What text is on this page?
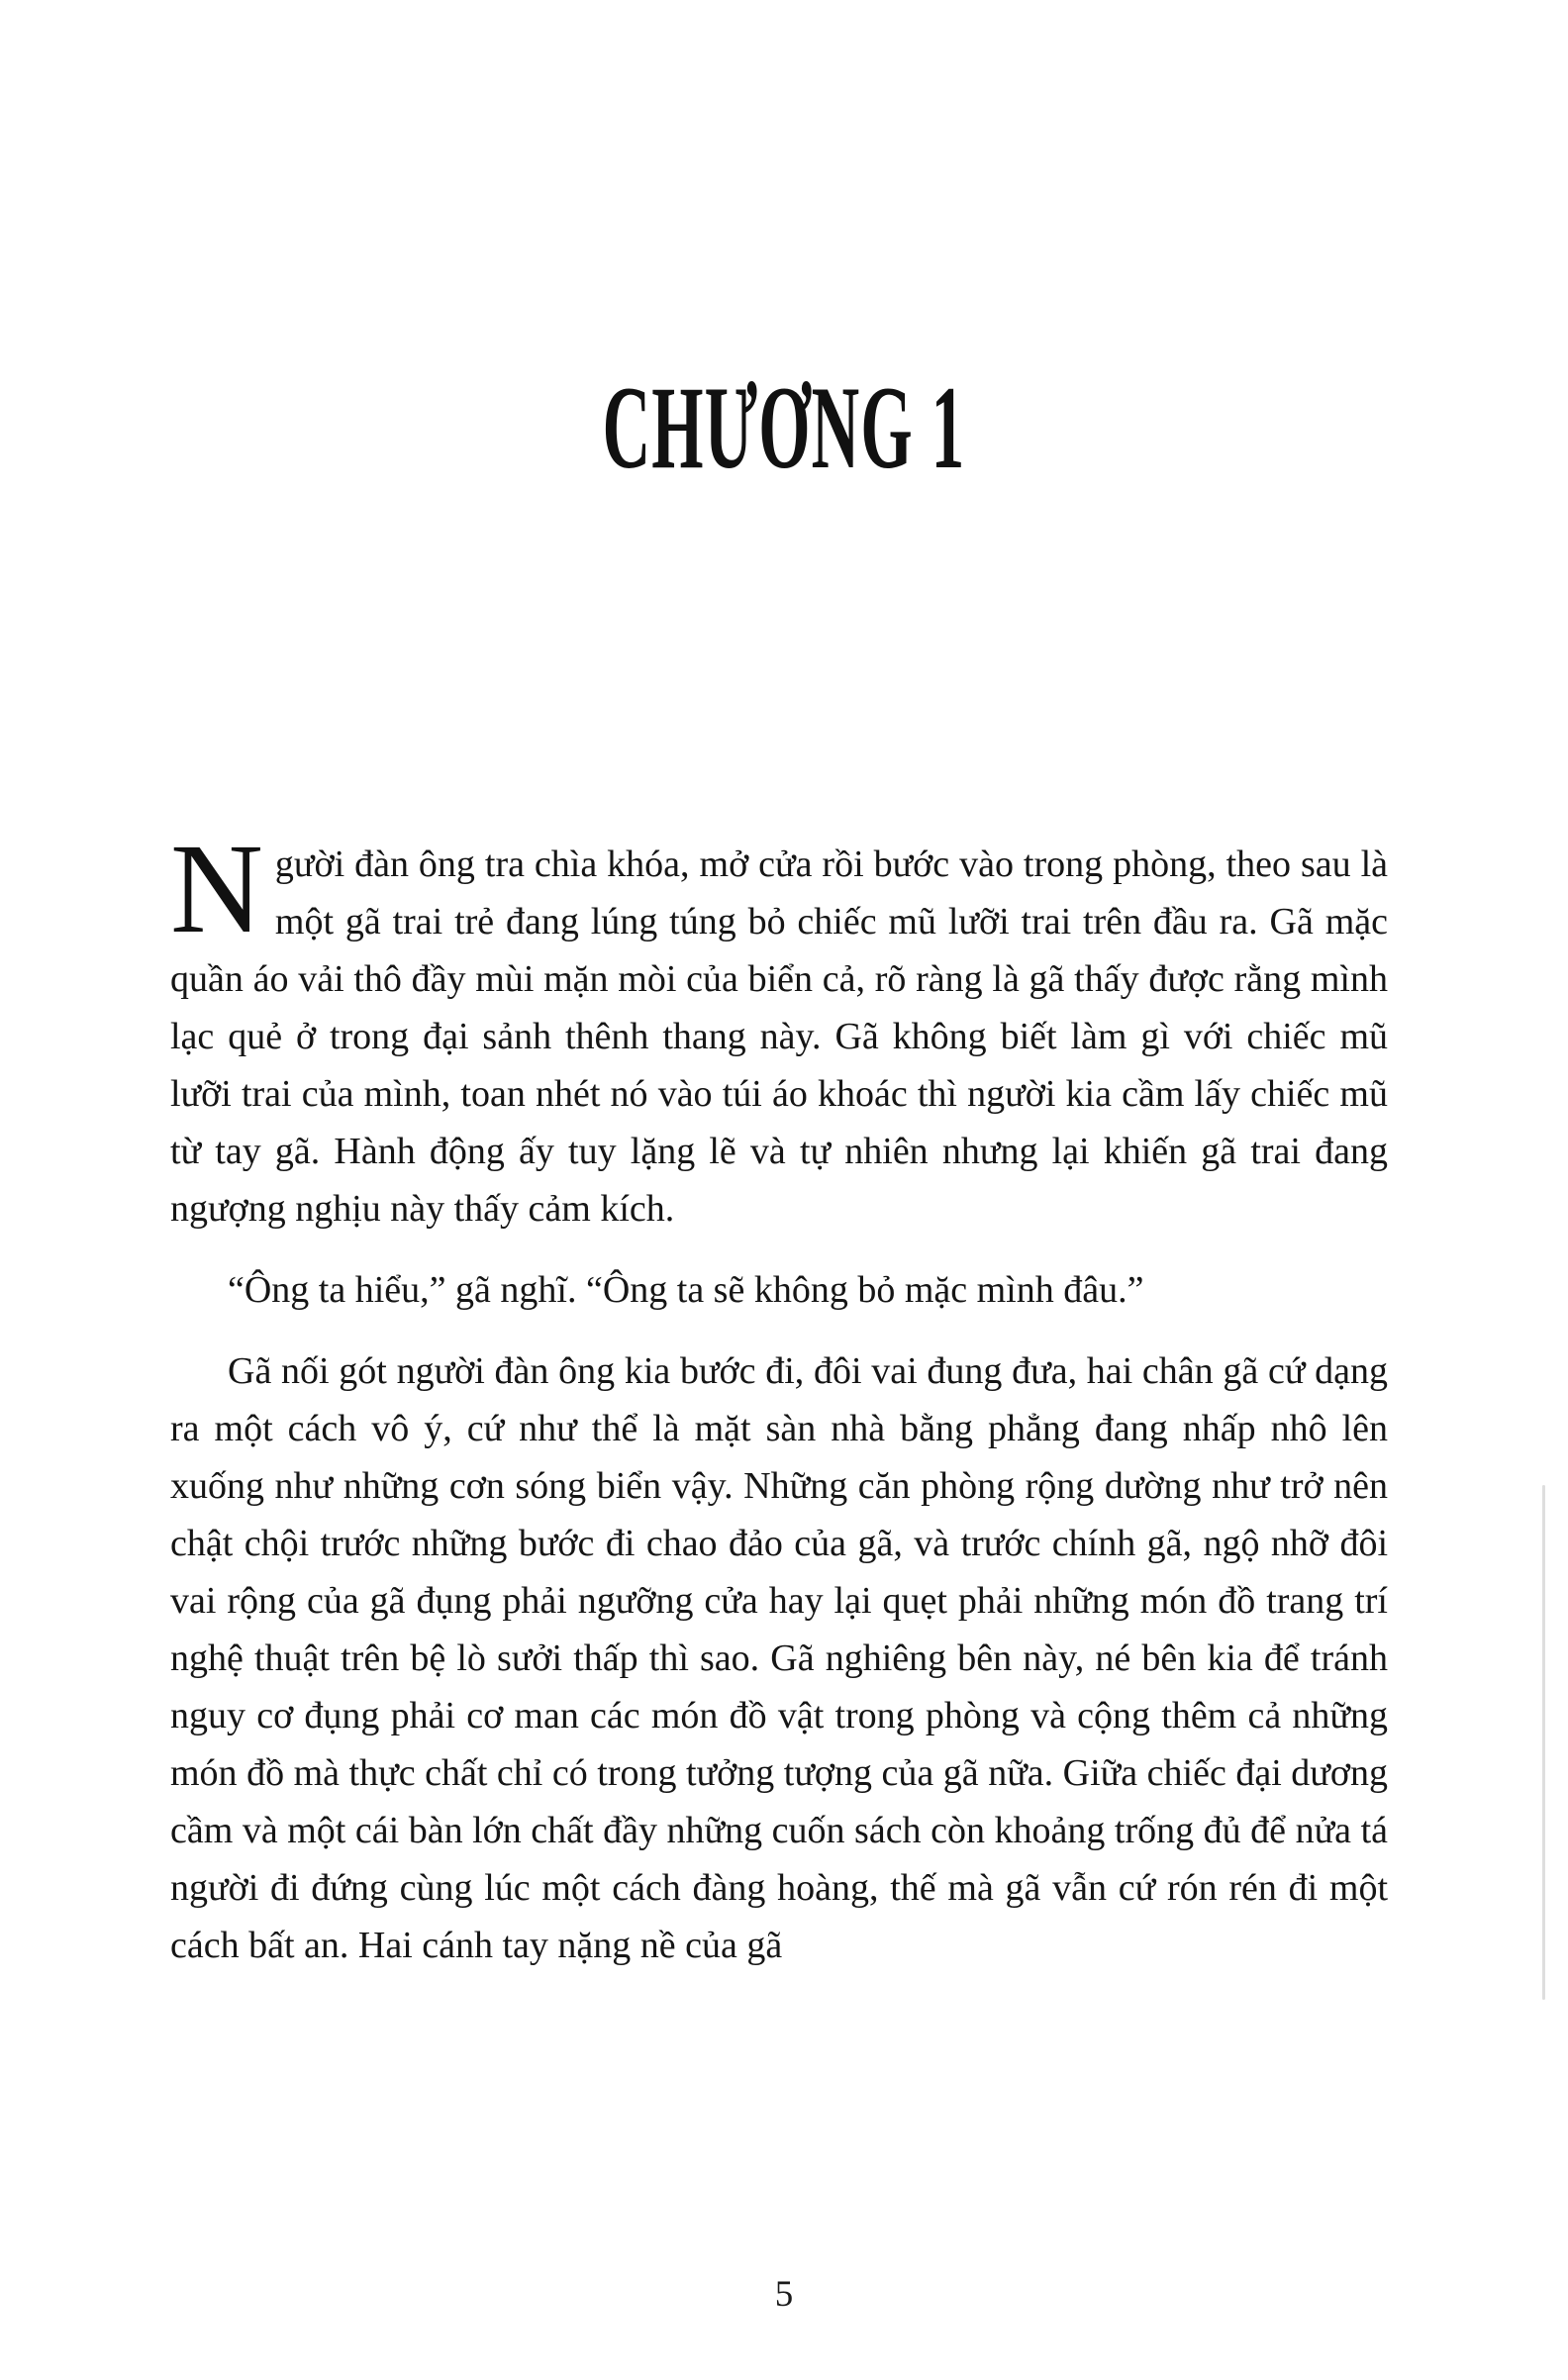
CHƯƠNG 1

Người đàn ông tra chìa khóa, mở cửa rồi bước vào trong phòng, theo sau là một gã trai trẻ đang lúng túng bỏ chiếc mũ lưỡi trai trên đầu ra. Gã mặc quần áo vải thô đầy mùi mặn mòi của biển cả, rõ ràng là gã thấy được rằng mình lạc quẻ ở trong đại sảnh thênh thang này. Gã không biết làm gì với chiếc mũ lưỡi trai của mình, toan nhét nó vào túi áo khoác thì người kia cầm lấy chiếc mũ từ tay gã. Hành động ấy tuy lặng lẽ và tự nhiên nhưng lại khiến gã trai đang ngượng nghịu này thấy cảm kích.

“Ông ta hiểu,” gã nghĩ. “Ông ta sẽ không bỏ mặc mình đâu.”

Gã nối gót người đàn ông kia bước đi, đôi vai đung đưa, hai chân gã cứ dạng ra một cách vô ý, cứ như thể là mặt sàn nhà bằng phẳng đang nhấp nhô lên xuống như những cơn sóng biển vậy. Những căn phòng rộng dường như trở nên chật chội trước những bước đi chao đảo của gã, và trước chính gã, ngộ nhỡ đôi vai rộng của gã đụng phải ngưỡng cửa hay lại quẹt phải những món đồ trang trí nghệ thuật trên bệ lò sưởi thấp thì sao. Gã nghiêng bên này, né bên kia để tránh nguy cơ đụng phải cơ man các món đồ vật trong phòng và cộng thêm cả những món đồ mà thực chất chỉ có trong tưởng tượng của gã nữa. Giữa chiếc đại dương cầm và một cái bàn lớn chất đầy những cuốn sách còn khoảng trống đủ để nửa tá người đi đứng cùng lúc một cách đàng hoàng, thế mà gã vẫn cứ rón rén đi một cách bất an. Hai cánh tay nặng nề của gã

5
